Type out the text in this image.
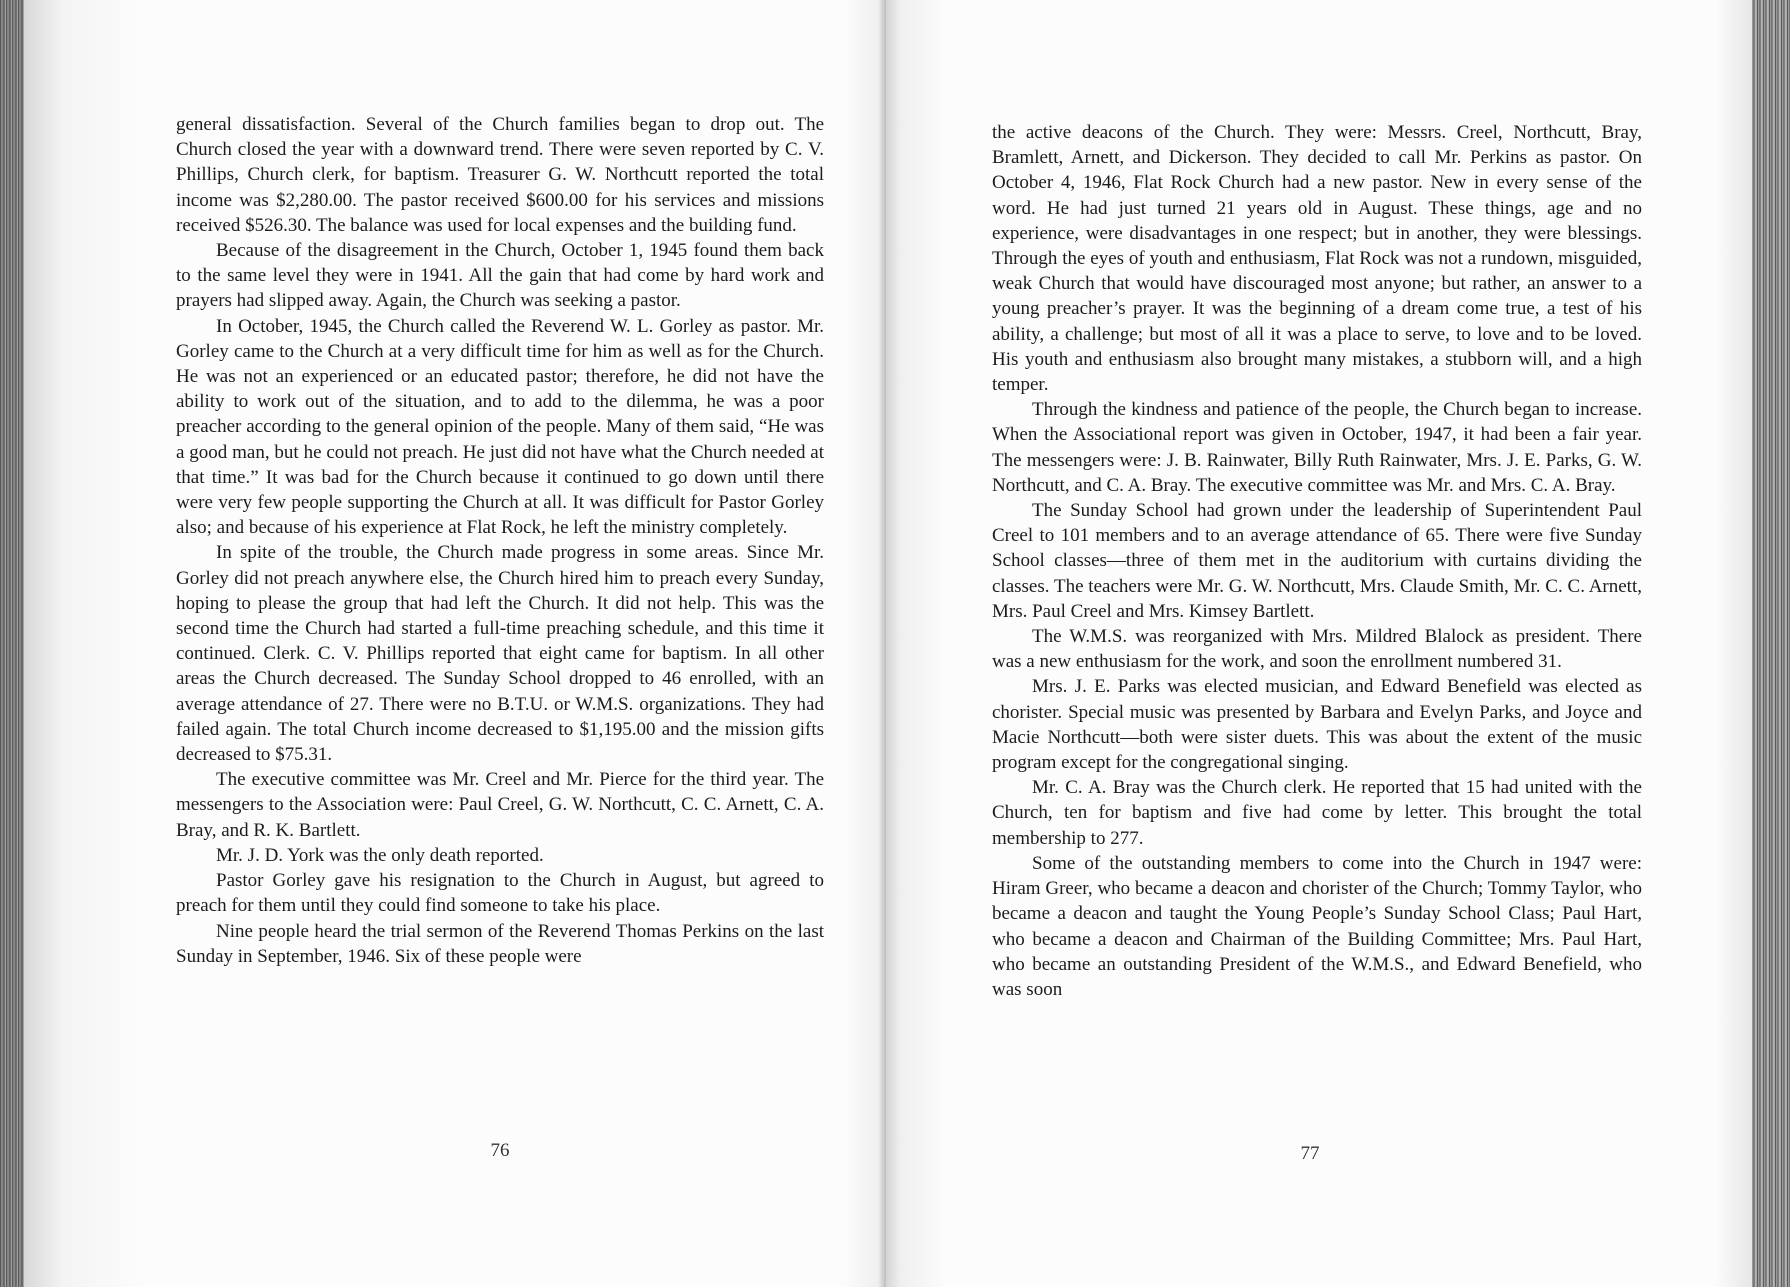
general dissatisfaction. Several of the Church families began to drop out. The Church closed the year with a downward trend. There were seven reported by C. V. Phillips, Church clerk, for baptism. Treasurer G. W. Northcutt reported the total income was $2,280.00. The pastor received $600.00 for his services and missions received $526.30. The balance was used for local expenses and the building fund.

Because of the disagreement in the Church, October 1, 1945 found them back to the same level they were in 1941. All the gain that had come by hard work and prayers had slipped away. Again, the Church was seeking a pastor.

In October, 1945, the Church called the Reverend W. L. Gorley as pastor. Mr. Gorley came to the Church at a very difficult time for him as well as for the Church. He was not an experienced or an educated pastor; therefore, he did not have the ability to work out of the situation, and to add to the dilemma, he was a poor preacher according to the general opinion of the people. Many of them said, “He was a good man, but he could not preach. He just did not have what the Church needed at that time.” It was bad for the Church because it continued to go down until there were very few people supporting the Church at all. It was difficult for Pastor Gorley also; and because of his experience at Flat Rock, he left the ministry completely.

In spite of the trouble, the Church made progress in some areas. Since Mr. Gorley did not preach anywhere else, the Church hired him to preach every Sunday, hoping to please the group that had left the Church. It did not help. This was the second time the Church had started a full-time preaching schedule, and this time it continued. Clerk. C. V. Phillips reported that eight came for baptism. In all other areas the Church decreased. The Sunday School dropped to 46 enrolled, with an average attendance of 27. There were no B.T.U. or W.M.S. organizations. They had failed again. The total Church income decreased to $1,195.00 and the mission gifts decreased to $75.31.

The executive committee was Mr. Creel and Mr. Pierce for the third year. The messengers to the Association were: Paul Creel, G. W. Northcutt, C. C. Arnett, C. A. Bray, and R. K. Bartlett.

Mr. J. D. York was the only death reported.

Pastor Gorley gave his resignation to the Church in August, but agreed to preach for them until they could find someone to take his place.

Nine people heard the trial sermon of the Reverend Thomas Perkins on the last Sunday in September, 1946. Six of these people were

76

the active deacons of the Church. They were: Messrs. Creel, Northcutt, Bray, Bramlett, Arnett, and Dickerson. They decided to call Mr. Perkins as pastor. On October 4, 1946, Flat Rock Church had a new pastor. New in every sense of the word. He had just turned 21 years old in August. These things, age and no experience, were disadvantages in one respect; but in another, they were blessings. Through the eyes of youth and enthusiasm, Flat Rock was not a rundown, misguided, weak Church that would have discouraged most anyone; but rather, an answer to a young preacher’s prayer. It was the beginning of a dream come true, a test of his ability, a challenge; but most of all it was a place to serve, to love and to be loved. His youth and enthusiasm also brought many mistakes, a stubborn will, and a high temper.

Through the kindness and patience of the people, the Church began to increase. When the Associational report was given in October, 1947, it had been a fair year. The messengers were: J. B. Rainwater, Billy Ruth Rainwater, Mrs. J. E. Parks, G. W. Northcutt, and C. A. Bray. The executive committee was Mr. and Mrs. C. A. Bray.

The Sunday School had grown under the leadership of Superintendent Paul Creel to 101 members and to an average attendance of 65. There were five Sunday School classes—three of them met in the auditorium with curtains dividing the classes. The teachers were Mr. G. W. Northcutt, Mrs. Claude Smith, Mr. C. C. Arnett, Mrs. Paul Creel and Mrs. Kimsey Bartlett.

The W.M.S. was reorganized with Mrs. Mildred Blalock as president. There was a new enthusiasm for the work, and soon the enrollment numbered 31.

Mrs. J. E. Parks was elected musician, and Edward Benefield was elected as chorister. Special music was presented by Barbara and Evelyn Parks, and Joyce and Macie Northcutt—both were sister duets. This was about the extent of the music program except for the congregational singing.

Mr. C. A. Bray was the Church clerk. He reported that 15 had united with the Church, ten for baptism and five had come by letter. This brought the total membership to 277.

Some of the outstanding members to come into the Church in 1947 were: Hiram Greer, who became a deacon and chorister of the Church; Tommy Taylor, who became a deacon and taught the Young People’s Sunday School Class; Paul Hart, who became a deacon and Chairman of the Building Committee; Mrs. Paul Hart, who became an outstanding President of the W.M.S., and Edward Benefield, who was soon

77
